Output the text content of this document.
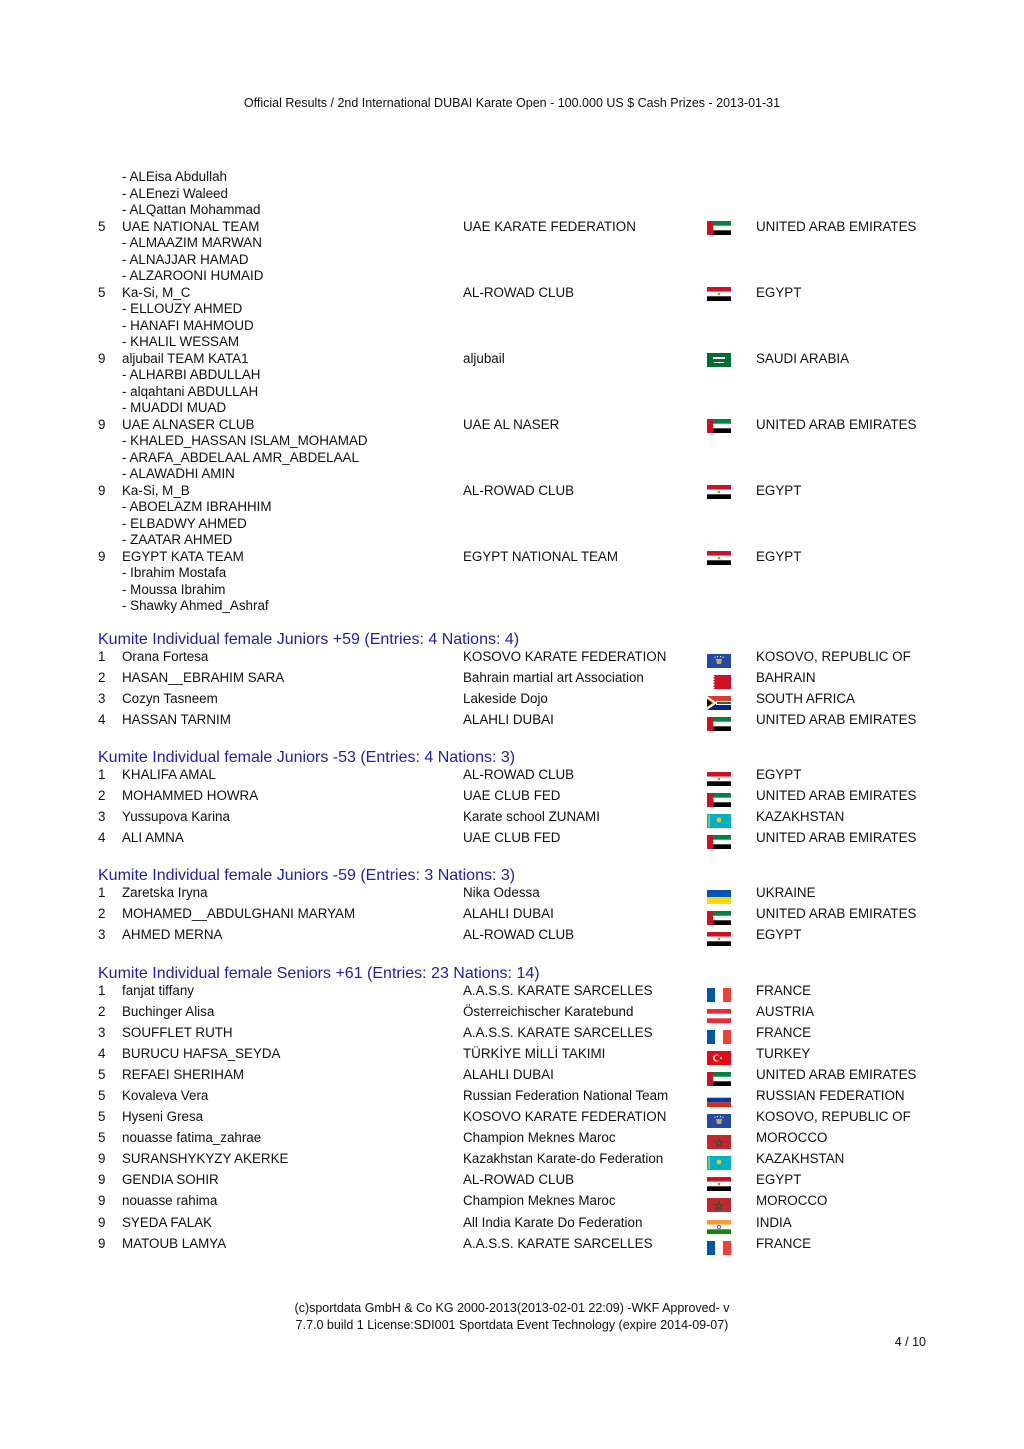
Official Results / 2nd International DUBAI Karate Open - 100.000 US $ Cash Prizes - 2013-01-31
- ALEisa Abdullah
- ALEnezi Waleed
- ALQattan Mohammad
5 UAE NATIONAL TEAM	UAE KARATE FEDERATION	UNITED ARAB EMIRATES
- ALMAAZIM MARWAN
- ALNAJJAR HAMAD
- ALZAROONI HUMAID
5 Ka-Si, M_C	AL-ROWAD CLUB	EGYPT
- ELLOUZY AHMED
- HANAFI MAHMOUD
- KHALIL WESSAM
9 aljubail TEAM KATA1	aljubail	SAUDI ARABIA
- ALHARBI ABDULLAH
- alqahtani ABDULLAH
- MUADDI MUAD
9 UAE ALNASER CLUB	UAE AL NASER	UNITED ARAB EMIRATES
- KHALED_HASSAN ISLAM_MOHAMAD
- ARAFA_ABDELAAL AMR_ABDELAAL
- ALAWADHI AMIN
9 Ka-Si, M_B	AL-ROWAD CLUB	EGYPT
- ABOELAZM IBRAHHIM
- ELBADWY AHMED
- ZAATAR AHMED
9 EGYPT KATA TEAM	EGYPT NATIONAL TEAM	EGYPT
- Ibrahim Mostafa
- Moussa Ibrahim
- Shawky Ahmed_Ashraf
Kumite Individual female Juniors +59 (Entries: 4 Nations: 4)
1 Orana Fortesa	KOSOVO KARATE FEDERATION	KOSOVO, REPUBLIC OF
2 HASAN__EBRAHIM SARA	Bahrain martial art Association	BAHRAIN
3 Cozyn Tasneem	Lakeside Dojo	SOUTH AFRICA
4 HASSAN TARNIM	ALAHLI DUBAI	UNITED ARAB EMIRATES
Kumite Individual female Juniors -53 (Entries: 4 Nations: 3)
1 KHALIFA AMAL	AL-ROWAD CLUB	EGYPT
2 MOHAMMED HOWRA	UAE CLUB FED	UNITED ARAB EMIRATES
3 Yussupova Karina	Karate school ZUNAMI	KAZAKHSTAN
4 ALI AMNA	UAE CLUB FED	UNITED ARAB EMIRATES
Kumite Individual female Juniors -59 (Entries: 3 Nations: 3)
1 Zaretska Iryna	Nika Odessa	UKRAINE
2 MOHAMED__ABDULGHANI MARYAM	ALAHLI DUBAI	UNITED ARAB EMIRATES
3 AHMED MERNA	AL-ROWAD CLUB	EGYPT
Kumite Individual female Seniors +61 (Entries: 23 Nations: 14)
1 fanjat tiffany	A.A.S.S. KARATE SARCELLES	FRANCE
2 Buchinger Alisa	Österreichischer Karatebund	AUSTRIA
3 SOUFFLET RUTH	A.A.S.S. KARATE SARCELLES	FRANCE
4 BURUCU HAFSA_SEYDA	TÜRKİYE MİLLİ TAKIMI	TURKEY
5 REFAEI SHERIHAM	ALAHLI DUBAI	UNITED ARAB EMIRATES
5 Kovaleva Vera	Russian Federation National Team	RUSSIAN FEDERATION
5 Hyseni Gresa	KOSOVO KARATE FEDERATION	KOSOVO, REPUBLIC OF
5 nouasse fatima_zahrae	Champion Meknes Maroc	MOROCCO
9 SURANSHYKYZY AKERKE	Kazakhstan Karate-do Federation	KAZAKHSTAN
9 GENDIA SOHIR	AL-ROWAD CLUB	EGYPT
9 nouasse rahima	Champion Meknes Maroc	MOROCCO
9 SYEDA FALAK	All India Karate Do Federation	INDIA
9 MATOUB LAMYA	A.A.S.S. KARATE SARCELLES	FRANCE
(c)sportdata GmbH & Co KG 2000-2013(2013-02-01 22:09) -WKF Approved- v
7.7.0 build 1 License:SDI001 Sportdata Event Technology (expire 2014-09-07)
4 / 10
